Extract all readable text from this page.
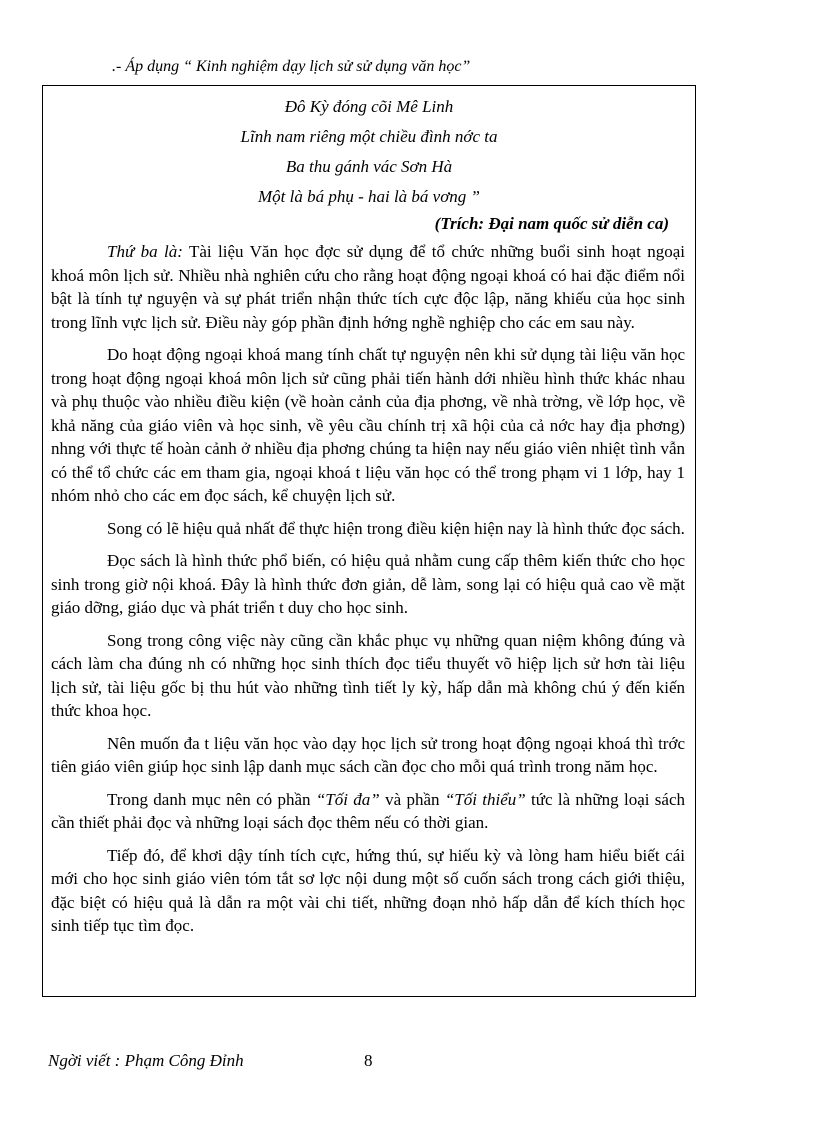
.- Áp dụng “ Kinh nghiệm dạy lịch sử sử dụng văn học”
Đô Kỳ đóng cõi Mê Linh
Lĩnh nam riêng một chiều đình nớc ta
Ba thu gánh vác Sơn Hà
Một là bá phụ - hai là bá vơng ”
(Trích: Đại nam quốc sử diễn ca)

Thứ ba là: Tài liệu Văn học đợc sử dụng để tổ chức những buổi sinh hoạt ngoại khoá môn lịch sử. Nhiều nhà nghiên cứu cho rằng hoạt động ngoại khoá có hai đặc điểm nổi bật là tính tự nguyện và sự phát triển nhận thức tích cực độc lập, năng khiếu của học sinh trong lĩnh vực lịch sử. Điều này góp phần định hớng nghề nghiệp cho các em sau này.

Do hoạt động ngoại khoá mang tính chất tự nguyện nên khi sử dụng tài liệu văn học trong hoạt động ngoại khoá môn lịch sử cũng phải tiến hành dới nhiều hình thức khác nhau và phụ thuộc vào nhiều điều kiện (về hoàn cảnh của địa phơng, về nhà trờng, về lớp học, về khả năng của giáo viên và học sinh, về yêu cầu chính trị xã hội của cả nớc hay địa phơng) nhng với thực tế hoàn cảnh ở nhiều địa phơng chúng ta hiện nay nếu giáo viên nhiệt tình vẫn có thể tổ chức các em tham gia, ngoại khoá t liệu văn học có thể trong phạm vi 1 lớp, hay 1 nhóm nhỏ cho các em đọc sách, kể chuyện lịch sử.

Song có lẽ hiệu quả nhất để thực hiện trong điều kiện hiện nay là hình thức đọc sách.

Đọc sách là hình thức phổ biến, có hiệu quả nhằm cung cấp thêm kiến thức cho học sinh trong giờ nội khoá. Đây là hình thức đơn giản, dễ làm, song lại có hiệu quả cao về mặt giáo dỡng, giáo dục và phát triển t duy cho học sinh.

Song trong công việc này cũng cần khắc phục vụ những quan niệm không đúng và cách làm cha đúng nh có những học sinh thích đọc tiểu thuyết võ hiệp lịch sử hơn tài liệu lịch sử, tài liệu gốc bị thu hút vào những tình tiết ly kỳ, hấp dẫn mà không chú ý đến kiến thức khoa học.

Nên muốn đa t liệu văn học vào dạy học lịch sử trong hoạt động ngoại khoá thì trớc tiên giáo viên giúp học sinh lập danh mục sách cần đọc cho mỗi quá trình trong năm học.

Trong danh mục nên có phần “Tối đa” và phần “Tối thiểu” tức là những loại sách cần thiết phải đọc và những loại sách đọc thêm nếu có thời gian.

Tiếp đó, để khơi dậy tính tích cực, hứng thú, sự hiếu kỳ và lòng ham hiểu biết cái mới cho học sinh giáo viên tóm tắt sơ lợc nội dung một số cuốn sách trong cách giới thiệu, đặc biệt có hiệu quả là dẫn ra một vài chi tiết, những đoạn nhỏ hấp dẫn để kích thích học sinh tiếp tục tìm đọc.

Ngời viết : Phạm Công Đỉnh	8
